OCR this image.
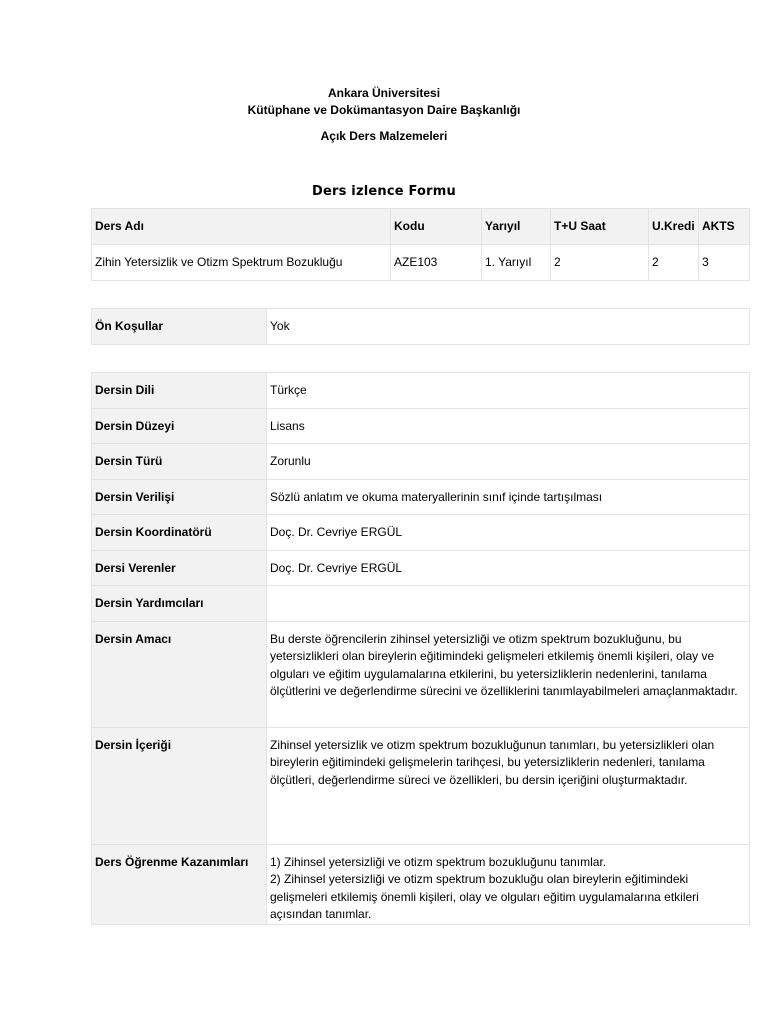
Ankara Üniversitesi
Kütüphane ve Dokümantasyon Daire Başkanlığı
Açık Ders Malzemeleri
Ders izlence Formu
Ders Adı	Kodu	Yarıyıl	T+U Saat	U.Kredi	AKTS
Zihin Yetersizlik ve Otizm Spektrum Bozukluğu	AZE103	1. Yarıyıl	2	2	3
Ön Koşullar	Yok
Dersin Dili	Türkçe
Dersin Düzeyi	Lisans
Dersin Türü	Zorunlu
Dersin Verilişi	Sözlü anlatım ve okuma materyallerinin sınıf içinde tartışılması
Dersin Koordinatörü	Doç. Dr. Cevriye ERGÜL
Dersi Verenler	Doç. Dr. Cevriye ERGÜL
Dersin Yardımcıları	
Dersin Amacı	Bu derste öğrencilerin zihinsel yetersizliği ve otizm spektrum bozukluğunu, bu yetersizlikleri olan bireylerin eğitimindeki gelişmeleri etkilemiş önemli kişileri, olay ve olguları ve eğitim uygulamalarına etkilerini, bu yetersizliklerin nedenlerini, tanılama ölçütlerini ve değerlendirme sürecini ve özelliklerini tanımlayabilmeleri amaçlanmaktadır.
Dersin İçeriği	Zihinsel yetersizlik ve otizm spektrum bozukluğunun tanımları, bu yetersizlikleri olan bireylerin eğitimindeki gelişmelerin tarihçesi, bu yetersizliklerin nedenleri, tanılama ölçütleri, değerlendirme süreci ve özellikleri, bu dersin içeriğini oluşturmaktadır.
Ders Öğrenme Kazanımları	1) Zihinsel yetersizliği ve otizm spektrum bozukluğunu tanımlar.
2) Zihinsel yetersizliği ve otizm spektrum bozukluğu olan bireylerin eğitimindeki gelişmeleri etkilemiş önemli kişileri, olay ve olguları eğitim uygulamalarına etkileri açısından tanımlar.
